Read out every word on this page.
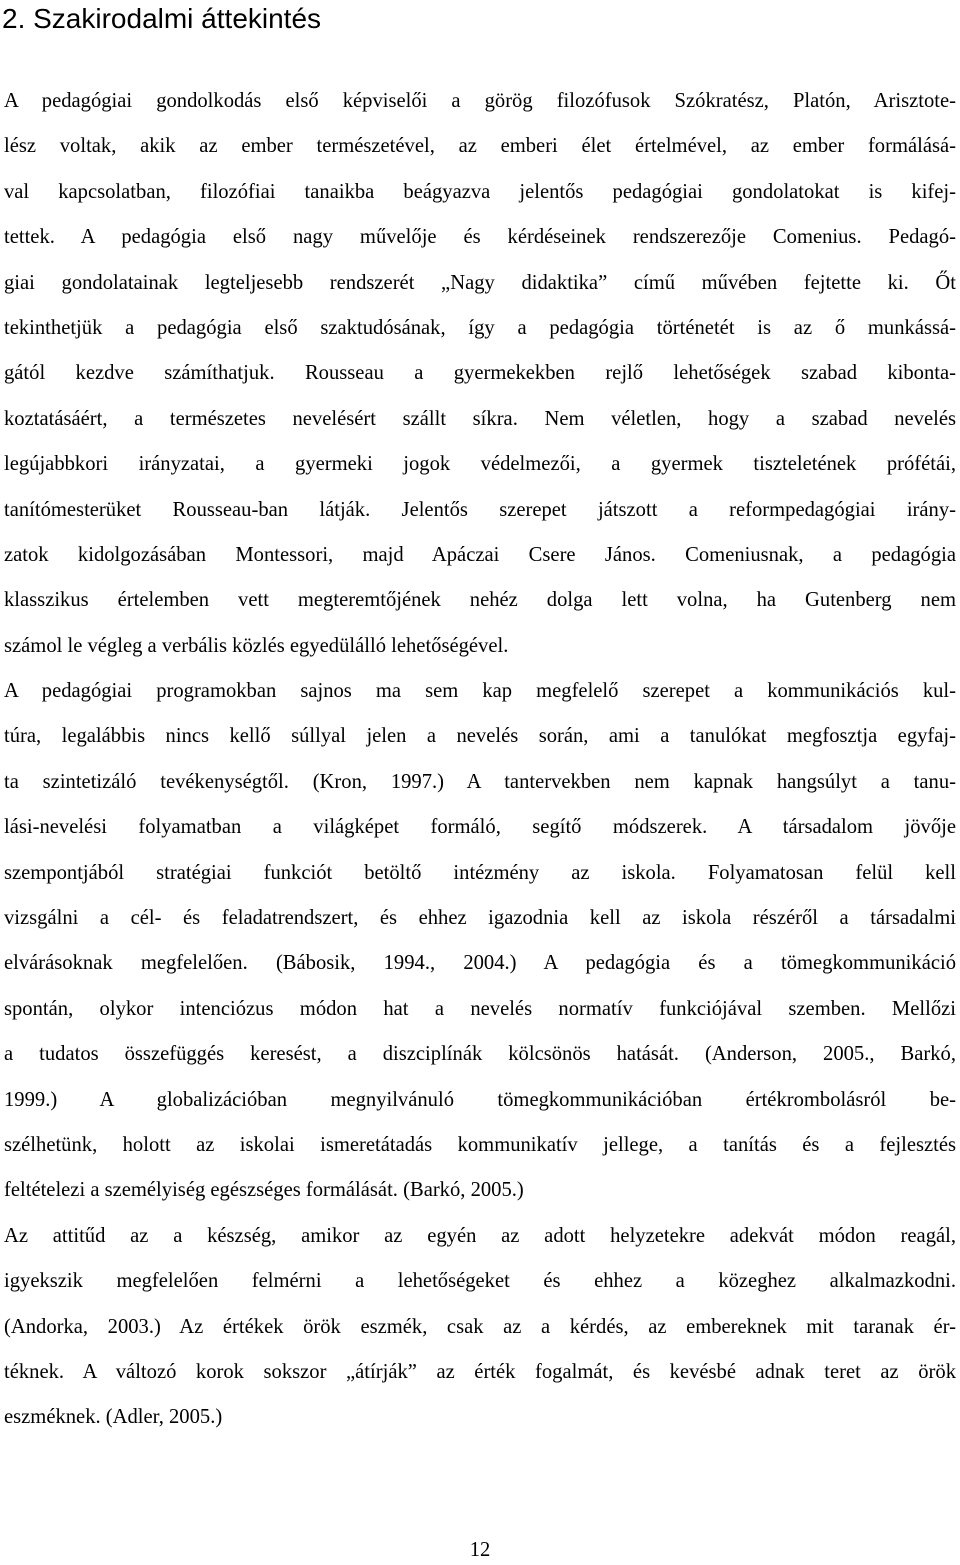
2. Szakirodalmi áttekintés

A pedagógiai gondolkodás első képviselői a görög filozófusok Szókratész, Platón, Arisztote-
lész voltak, akik az ember természetével, az emberi élet értelmével, az ember formálásá-
val kapcsolatban, filozófiai tanaikba beágyazva jelentős pedagógiai gondolatokat is kifej-
tettek. A pedagógia első nagy művelője és kérdéseinek rendszerezője Comenius. Pedagó-
giai gondolatainak legteljesebb rendszerét „Nagy didaktika” című művében fejtette ki. Őt
tekinthetjük a pedagógia első szaktudósának, így a pedagógia történetét is az ő munkássá-
gától kezdve számíthatjuk. Rousseau a gyermekekben rejlő lehetőségek szabad kibonta-
koztatásáért, a természetes nevelésért szállt síkra. Nem véletlen, hogy a szabad nevelés
legújabbkori irányzatai, a gyermeki jogok védelmezői, a gyermek tiszteletének prófétái,
tanítómesterüket Rousseau-ban látják. Jelentős szerepet játszott a reformpedagógiai irány-
zatok kidolgozásában Montessori, majd Apáczai Csere János. Comeniusnak, a pedagógia
klasszikus értelemben vett megteremtőjének nehéz dolga lett volna, ha Gutenberg nem
számol le végleg a verbális közlés egyedülálló lehetőségével.

A pedagógiai programokban sajnos ma sem kap megfelelő szerepet a kommunikációs kul-
túra, legalábbis nincs kellő súllyal jelen a nevelés során, ami a tanulókat megfosztja egyfaj-
ta szintetizáló tevékenységtől. (Kron, 1997.) A tantervekben nem kapnak hangsúlyt a tanu-
lási-nevelési folyamatban a világképet formáló, segítő módszerek. A társadalom jövője
szempontjából stratégiai funkciót betöltő intézmény az iskola. Folyamatosan felül kell
vizsgálni a cél- és feladatrendszert, és ehhez igazodnia kell az iskola részéről a társadalmi
elvárásoknak megfelelően. (Bábosik, 1994., 2004.) A pedagógia és a tömegkommunikáció
spontán, olykor intenciózus módon hat a nevelés normatív funkciójával szemben. Mellőzi
a tudatos összefüggés keresést, a diszciplínák kölcsönös hatását. (Anderson, 2005., Barkó,
1999.) A globalizációban megnyilvánuló tömegkommunikációban értékrombolásról be-
szélhetünk, holott az iskolai ismeretátadás kommunikatív jellege, a tanítás és a fejlesztés
feltételezi a személyiség egészséges formálását. (Barkó, 2005.)

Az attitűd az a készség, amikor az egyén az adott helyzetekre adekvát módon reagál,
igyekszik megfelelően felmérni a lehetőségeket és ehhez a közeghez alkalmazkodni.
(Andorka, 2003.) Az értékek örök eszmék, csak az a kérdés, az embereknek mit taranak ér-
téknek. A változó korok sokszor „átírják” az érték fogalmát, és kevésbé adnak teret az örök
eszméknek. (Adler, 2005.)

12
